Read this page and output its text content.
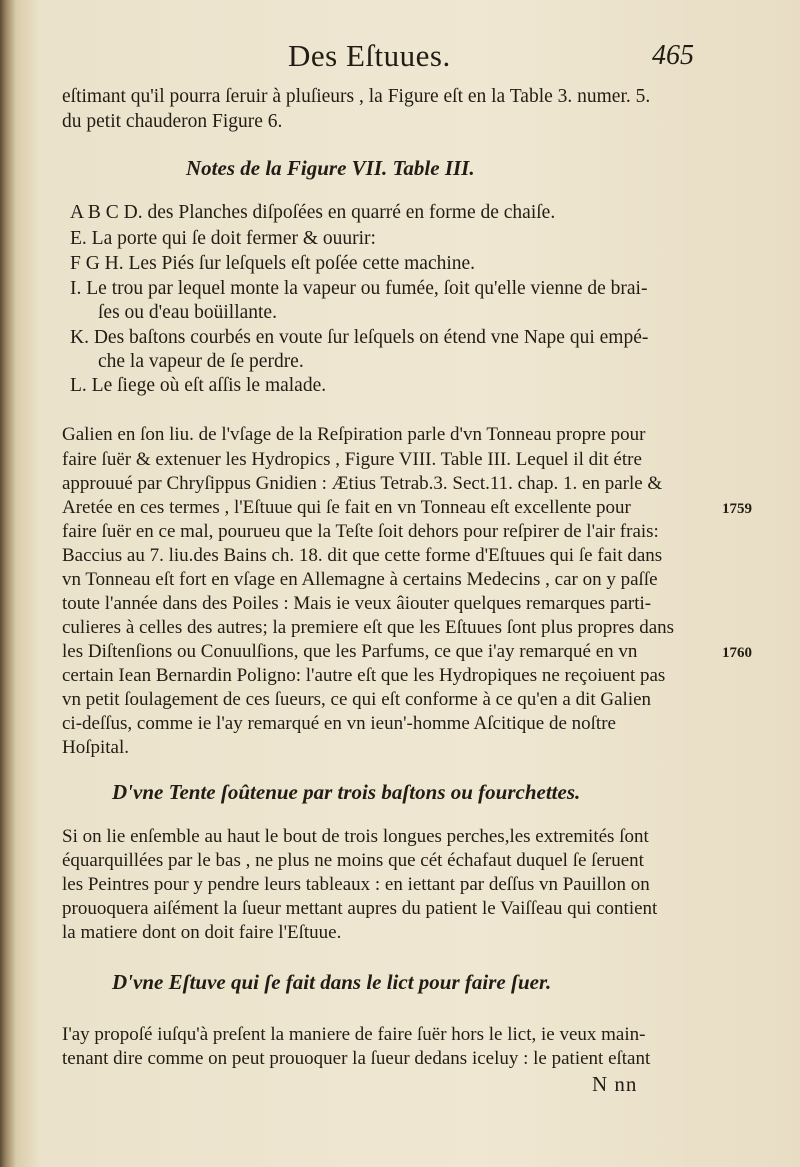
Des Eſtuues.	465
eſtimant qu'il pourra ſeruir à pluſieurs , la Figure eſt en la Table 3. numer. 5.
du petit chauderon Figure 6.
Notes de la Figure VII. Table III.
A B C D. des Planches diſpoſées en quarré en forme de chaiſe.
E. La porte qui ſe doit fermer & ouurir:
F G H. Les Piés ſur leſquels eſt poſée cette machine.
I. Le trou par lequel monte la vapeur ou fumée, ſoit qu'elle vienne de brai-
ſes ou d'eau boüillante.
K. Des baſtons courbés en voute ſur leſquels on étend vne Nape qui empé-
che la vapeur de ſe perdre.
L. Le ſiege où eſt aſſis le malade.
Galien en ſon liu. de l'vſage de la Reſpiration parle d'vn Tonneau propre pour
faire ſuër & extenuer les Hydropics , Figure VIII. Table III. Lequel il dit étre
approuué par Chryſippus Gnidien : Ætius Tetrab.3. Sect.11. chap. 1. en parle &
Aretée en ces termes , l'Eſtuue qui ſe fait en vn Tonneau eſt excellente pour
faire ſuër en ce mal, pourueu que la Teſte ſoit dehors pour reſpirer de l'air frais:
Baccius au 7. liu.des Bains ch. 18. dit que cette forme d'Eſtuues qui ſe fait dans
vn Tonneau eſt fort en vſage en Allemagne à certains Medecins , car on y paſſe
toute l'année dans des Poiles : Mais ie veux âiouter quelques remarques parti-
culieres à celles des autres; la premiere eſt que les Eſtuues ſont plus propres dans
les Diſtenſions ou Conuulſions, que les Parfums, ce que i'ay remarqué en vn
certain Iean Bernardin Poligno: l'autre eſt que les Hydropiques ne reçoiuent pas
vn petit ſoulagement de ces ſueurs, ce qui eſt conforme à ce qu'en a dit Galien
ci-deſſus, comme ie l'ay remarqué en vn ieun'-homme Aſcitique de noſtre
Hoſpital.
1759
1760
D'vne Tente ſoûtenue par trois baſtons ou fourchettes.
Si on lie enſemble au haut le bout de trois longues perches,les extremités ſont
équarquillées par le bas , ne plus ne moins que cét échafaut duquel ſe ſeruent
les Peintres pour y pendre leurs tableaux : en iettant par deſſus vn Pauillon on
prouoquera aiſément la ſueur mettant aupres du patient le Vaiſſeau qui contient
la matiere dont on doit faire l'Eſtuue.
D'vne Eſtuve qui ſe fait dans le lict pour faire ſuer.
I'ay propoſé iuſqu'à preſent la maniere de faire ſuër hors le lict, ie veux main-
tenant dire comme on peut prouoquer la ſueur dedans iceluy : le patient eſtant
N nn
